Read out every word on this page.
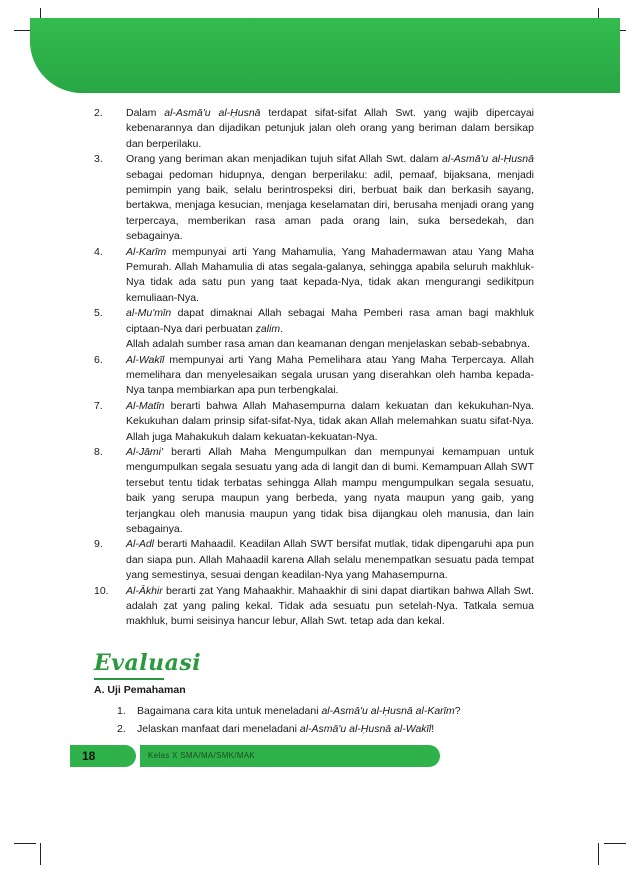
2.	Dalam al-Asmā'u al-Ḥusnā terdapat sifat-sifat Allah Swt. yang wajib dipercayai kebenarannya dan dijadikan petunjuk jalan oleh orang yang beriman dalam bersikap dan berperilaku.

3.	Orang yang beriman akan menjadikan tujuh sifat Allah Swt. dalam al-Asmā'u al-Ḥusnā sebagai pedoman hidupnya, dengan berperilaku: adil, pemaaf, bijaksana, menjadi pemimpin yang baik, selalu berintrospeksi diri, berbuat baik dan berkasih sayang, bertakwa, menjaga kesucian, menjaga keselamatan diri, berusaha menjadi orang yang terpercaya, memberikan rasa aman pada orang lain, suka bersedekah, dan sebagainya.

4.	Al-Karīm mempunyai arti Yang Mahamulia, Yang Mahadermawan atau Yang Maha Pemurah. Allah Mahamulia di atas segala-galanya, sehingga apabila seluruh makhluk-Nya tidak ada satu pun yang taat kepada-Nya, tidak akan mengurangi sedikitpun kemuliaan-Nya.

5.	al-Mu'mīn dapat dimaknai Allah sebagai Maha Pemberi rasa aman bagi makhluk ciptaan-Nya dari perbuatan ẓalim.

Allah adalah sumber rasa aman dan keamanan dengan menjelaskan sebab-sebabnya.

6.	Al-Wakīl mempunyai arti Yang Maha Pemelihara atau Yang Maha Terpercaya. Allah memelihara dan menyelesaikan segala urusan yang diserahkan oleh hamba kepada-Nya tanpa membiarkan apa pun terbengkalai.

7.	Al-Matīn berarti bahwa Allah Mahasempurna dalam kekuatan dan kekukuhan-Nya. Kekukuhan dalam prinsip sifat-sifat-Nya, tidak akan Allah melemahkan suatu sifat-Nya. Allah juga Mahakukuh dalam kekuatan-kekuatan-Nya.

8.	Al-Jāmi' berarti Allah Maha Mengumpulkan dan mempunyai kemampuan untuk mengumpulkan segala sesuatu yang ada di langit dan di bumi. Kemampuan Allah SWT tersebut tentu tidak terbatas sehingga Allah mampu mengumpulkan segala sesuatu, baik yang serupa maupun yang berbeda, yang nyata maupun yang gaib, yang terjangkau oleh manusia maupun yang tidak bisa dijangkau oleh manusia, dan lain sebagainya.

9.	Al-Adl berarti Mahaadil. Keadilan Allah SWT bersifat mutlak, tidak dipengaruhi apa pun dan siapa pun. Allah Mahaadil karena Allah selalu menempatkan sesuatu pada tempat yang semestinya, sesuai dengan keadilan-Nya yang Mahasempurna.

10.	Al-Ākhir berarti ẓat Yang Mahaakhir. Mahaakhir di sini dapat diartikan bahwa Allah Swt. adalah ẓat yang paling kekal. Tidak ada sesuatu pun setelah-Nya. Tatkala semua makhluk, bumi seisinya hancur lebur, Allah Swt. tetap ada dan kekal.

Evaluasi
A. Uji Pemahaman
1.	Bagaimana cara kita untuk meneladani al-Asmā'u al-Ḥusnā al-Karīm?
2.	Jelaskan manfaat dari meneladani al-Asmā'u al-Ḥusnā al-Wakīl!
18	Kelas X SMA/MA/SMK/MAK
